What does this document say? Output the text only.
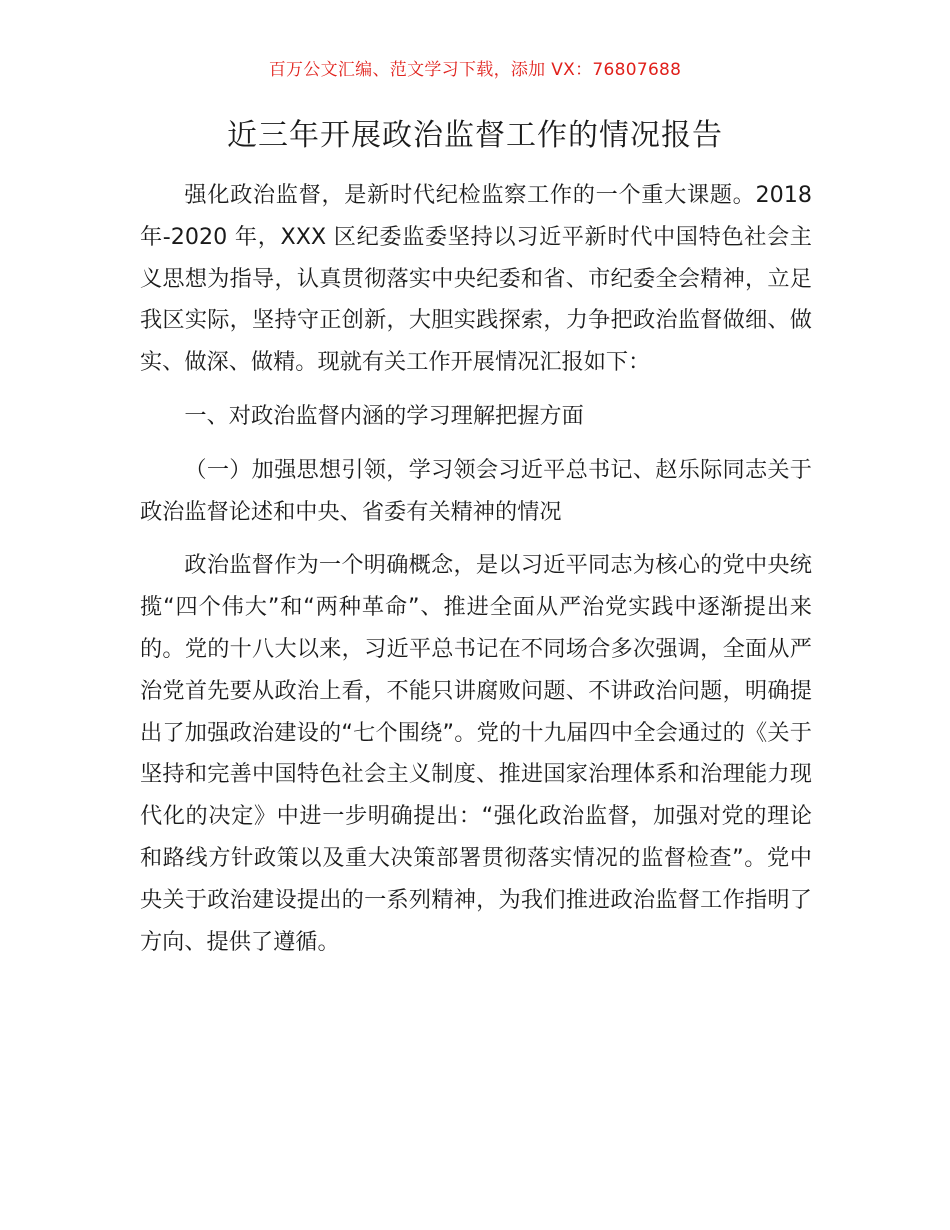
百万公文汇编、范文学习下载，添加 VX：76807688
近三年开展政治监督工作的情况报告

强化政治监督，是新时代纪检监察工作的一个重大课题。2018 年-2020 年，XXX 区纪委监委坚持以习近平新时代中国特色社会主义思想为指导，认真贯彻落实中央纪委和省、市纪委全会精神，立足我区实际，坚持守正创新，大胆实践探索，力争把政治监督做细、做实、做深、做精。现就有关工作开展情况汇报如下：

一、对政治监督内涵的学习理解把握方面

（一）加强思想引领，学习领会习近平总书记、赵乐际同志关于政治监督论述和中央、省委有关精神的情况

政治监督作为一个明确概念，是以习近平同志为核心的党中央统揽“四个伟大”和“两种革命”、推进全面从严治党实践中逐渐提出来的。党的十八大以来，习近平总书记在不同场合多次强调，全面从严治党首先要从政治上看，不能只讲腐败问题、不讲政治问题，明确提出了加强政治建设的“七个围绕”。党的十九届四中全会通过的《关于坚持和完善中国特色社会主义制度、推进国家治理体系和治理能力现代化的决定》中进一步明确提出：“强化政治监督，加强对党的理论和路线方针政策以及重大决策部署贯彻落实情况的监督检查”。党中央关于政治建设提出的一系列精神，为我们推进政治监督工作指明了方向、提供了遵循。
